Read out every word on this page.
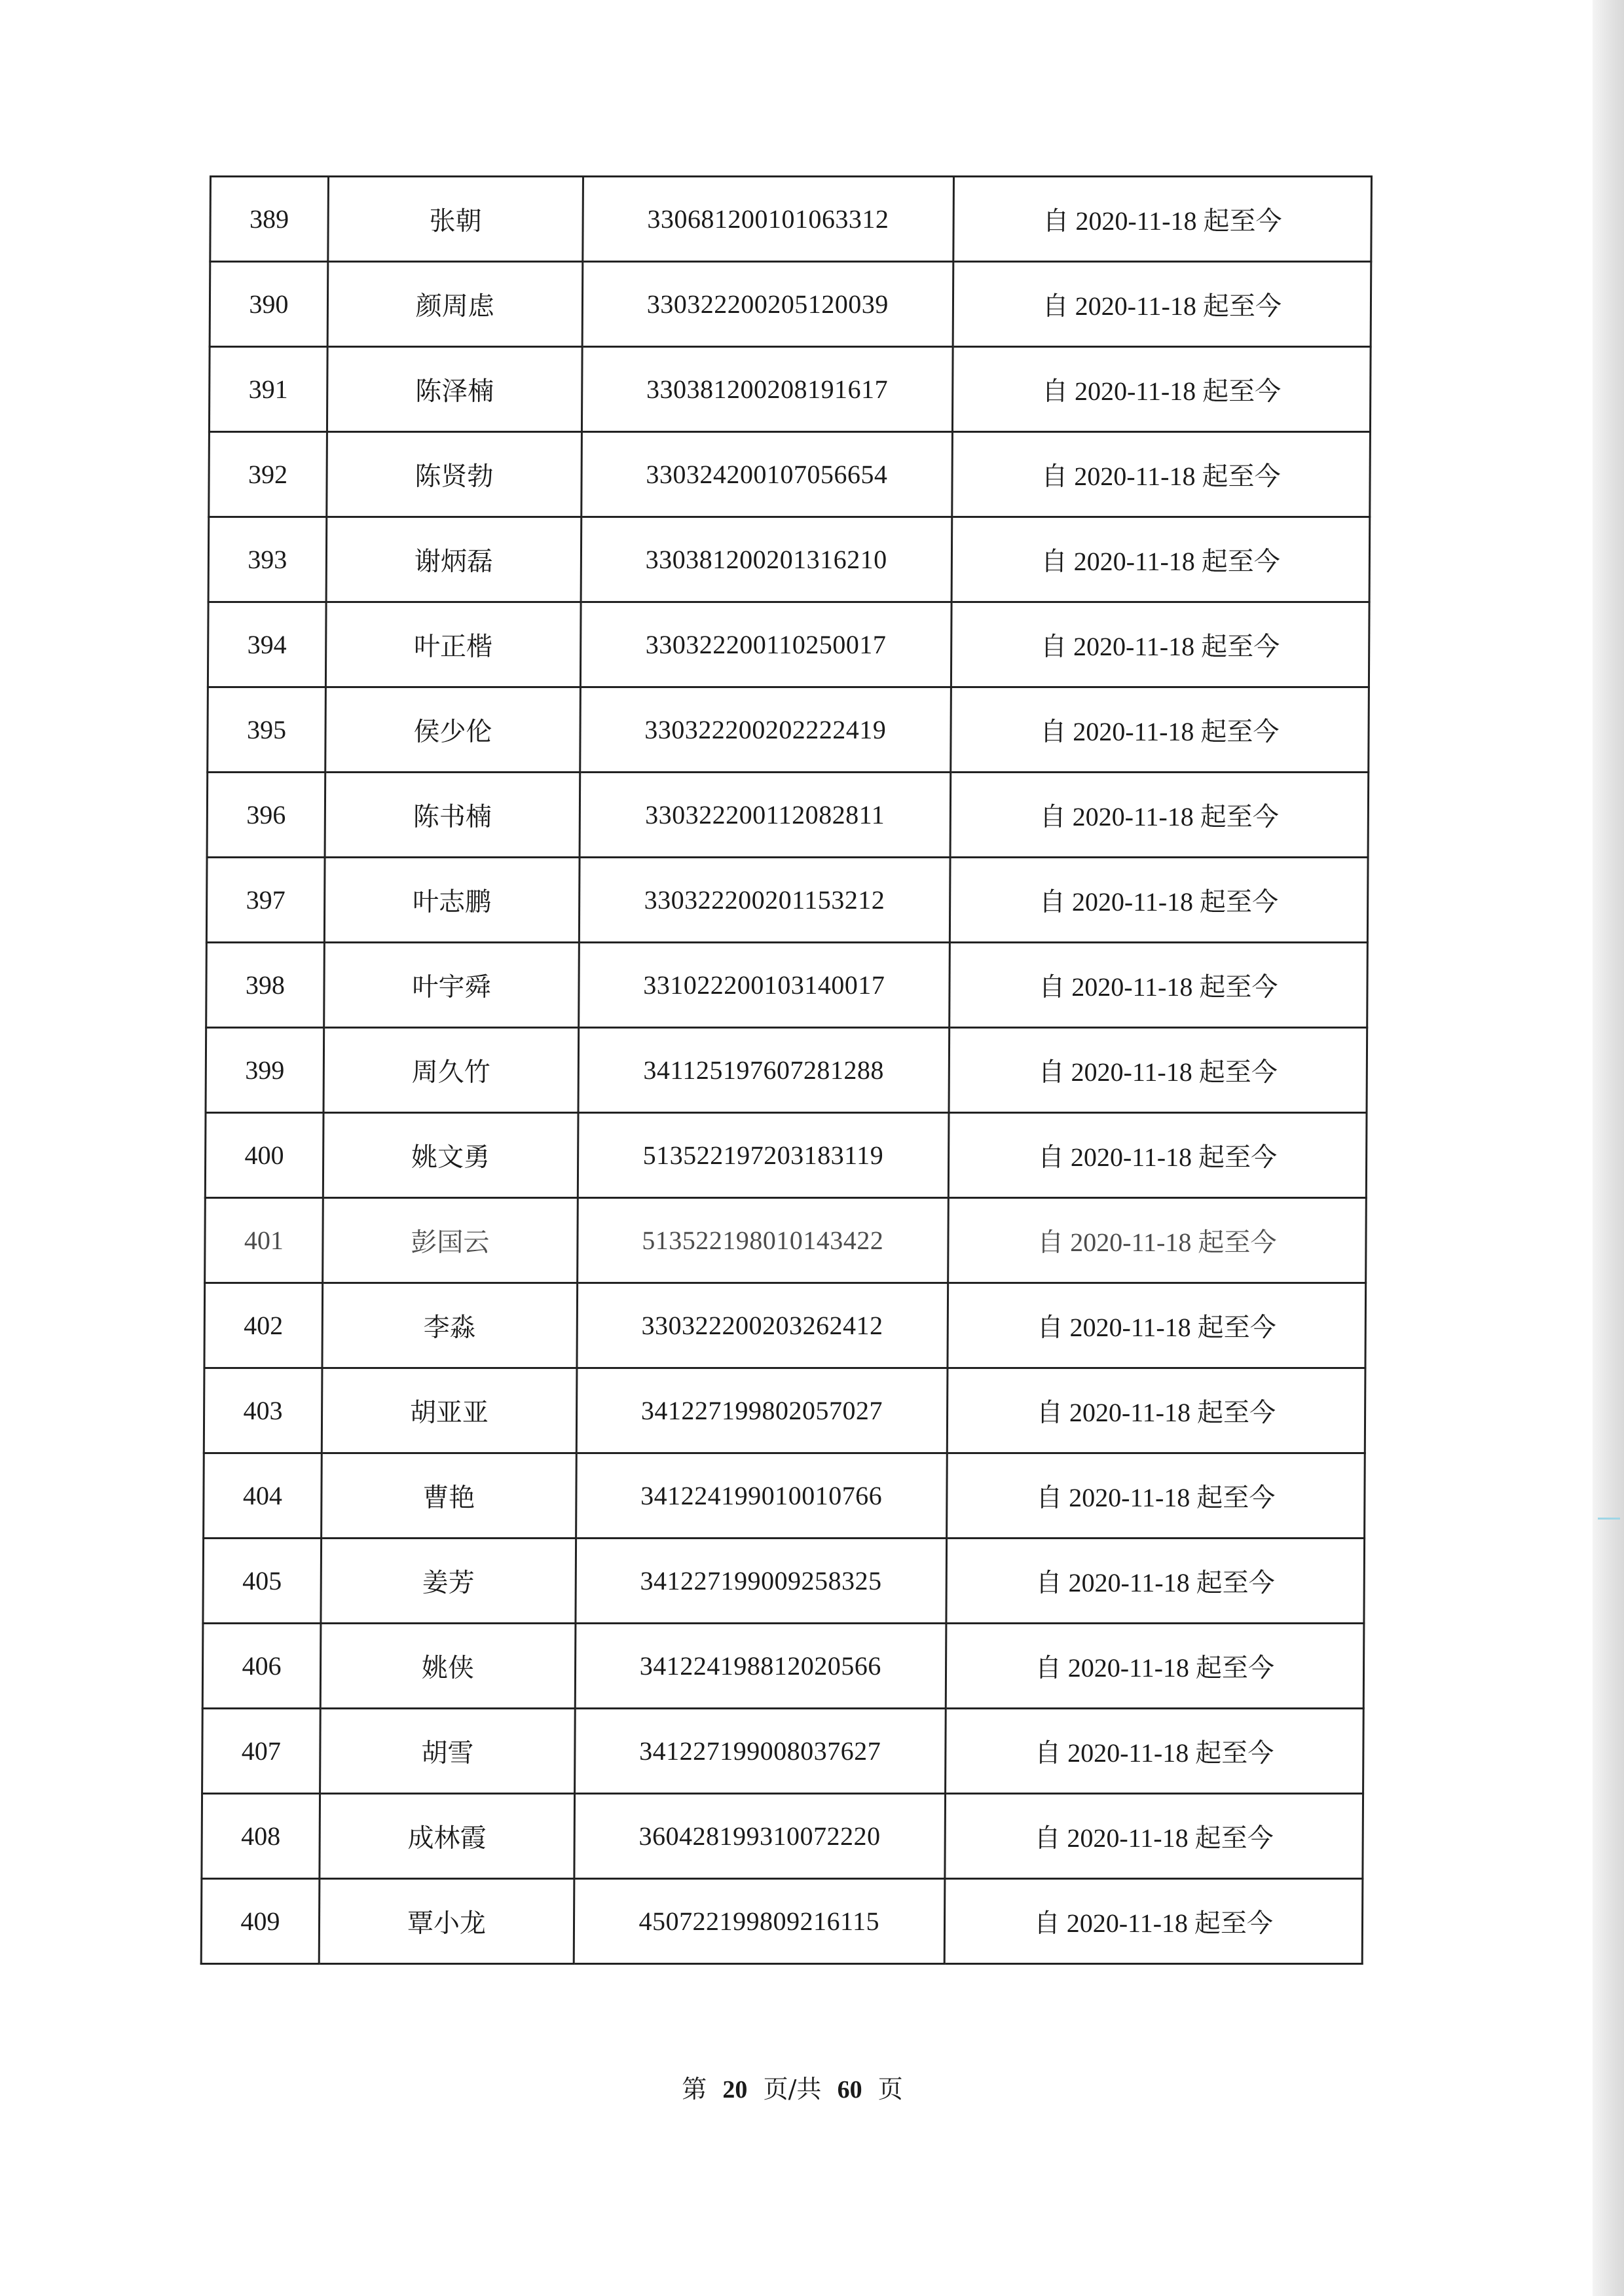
389	张朝	330681200101063312	自 2020-11-18 起至今
390	颜周虑	330322200205120039	自 2020-11-18 起至今
391	陈泽楠	330381200208191617	自 2020-11-18 起至今
392	陈贤勃	330324200107056654	自 2020-11-18 起至今
393	谢炳磊	330381200201316210	自 2020-11-18 起至今
394	叶正楷	330322200110250017	自 2020-11-18 起至今
395	侯少伦	330322200202222419	自 2020-11-18 起至今
396	陈书楠	330322200112082811	自 2020-11-18 起至今
397	叶志鹏	330322200201153212	自 2020-11-18 起至今
398	叶宇舜	331022200103140017	自 2020-11-18 起至今
399	周久竹	341125197607281288	自 2020-11-18 起至今
400	姚文勇	513522197203183119	自 2020-11-18 起至今
401	彭国云	513522198010143422	自 2020-11-18 起至今
402	李淼	330322200203262412	自 2020-11-18 起至今
403	胡亚亚	341227199802057027	自 2020-11-18 起至今
404	曹艳	341224199010010766	自 2020-11-18 起至今
405	姜芳	341227199009258325	自 2020-11-18 起至今
406	姚侠	341224198812020566	自 2020-11-18 起至今
407	胡雪	341227199008037627	自 2020-11-18 起至今
408	成林霞	360428199310072220	自 2020-11-18 起至今
409	覃小龙	450722199809216115	自 2020-11-18 起至今
第 20 页/共 60 页
